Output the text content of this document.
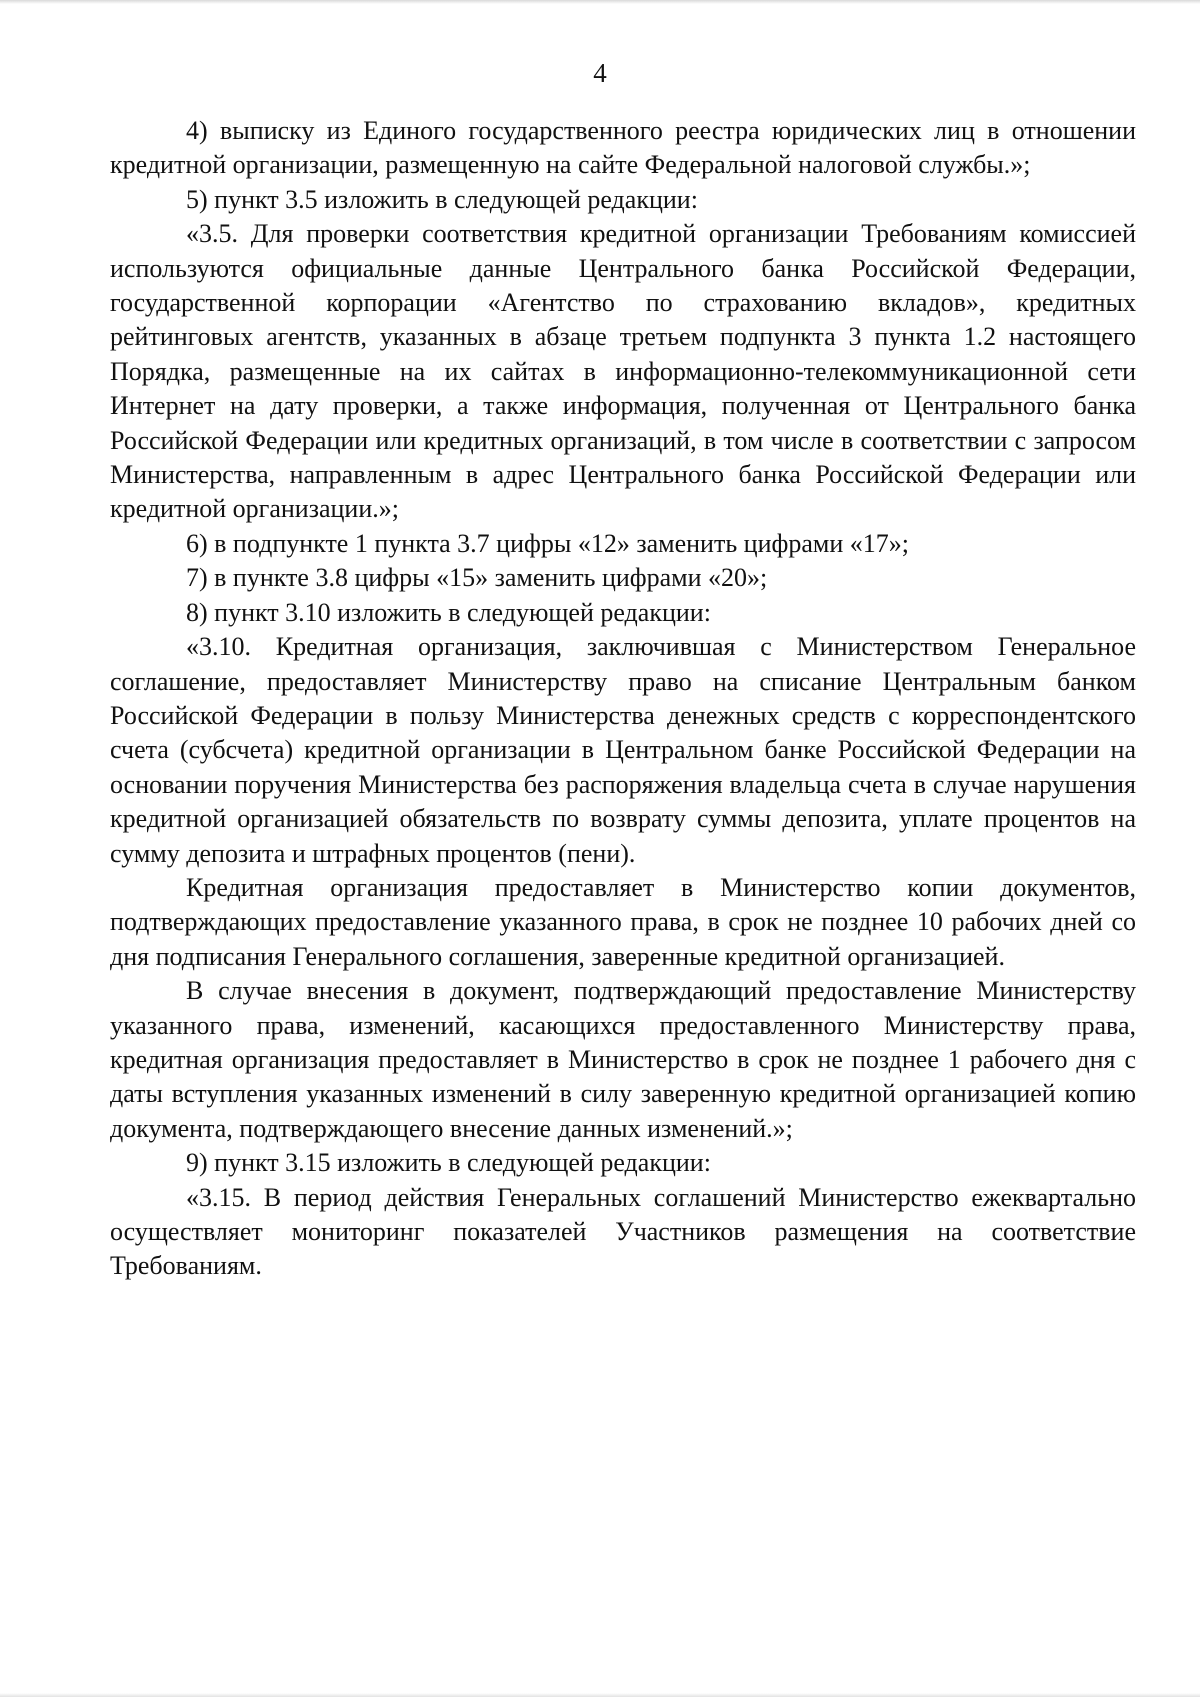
4

4) выписку из Единого государственного реестра юридических лиц в отношении кредитной организации, размещенную на сайте Федеральной налоговой службы.»;

5) пункт 3.5 изложить в следующей редакции:

«3.5. Для проверки соответствия кредитной организации Требованиям комиссией используются официальные данные Центрального банка Российской Федерации, государственной корпорации «Агентство по страхованию вкладов», кредитных рейтинговых агентств, указанных в абзаце третьем подпункта 3 пункта 1.2 настоящего Порядка, размещенные на их сайтах в информационно-телекоммуникационной сети Интернет на дату проверки, а также информация, полученная от Центрального банка Российской Федерации или кредитных организаций, в том числе в соответствии с запросом Министерства, направленным в адрес Центрального банка Российской Федерации или кредитной организации.»;

6) в подпункте 1 пункта 3.7 цифры «12» заменить цифрами «17»;

7) в пункте 3.8 цифры «15» заменить цифрами «20»;

8) пункт 3.10 изложить в следующей редакции:

«3.10. Кредитная организация, заключившая с Министерством Генеральное соглашение, предоставляет Министерству право на списание Центральным банком Российской Федерации в пользу Министерства денежных средств с корреспондентского счета (субсчета) кредитной организации в Центральном банке Российской Федерации на основании поручения Министерства без распоряжения владельца счета в случае нарушения кредитной организацией обязательств по возврату суммы депозита, уплате процентов на сумму депозита и штрафных процентов (пени).

Кредитная организация предоставляет в Министерство копии документов, подтверждающих предоставление указанного права, в срок не позднее 10 рабочих дней со дня подписания Генерального соглашения, заверенные кредитной организацией.

В случае внесения в документ, подтверждающий предоставление Министерству указанного права, изменений, касающихся предоставленного Министерству права, кредитная организация предоставляет в Министерство в срок не позднее 1 рабочего дня с даты вступления указанных изменений в силу заверенную кредитной организацией копию документа, подтверждающего внесение данных изменений.»;

9) пункт 3.15 изложить в следующей редакции:

«3.15. В период действия Генеральных соглашений Министерство ежеквартально осуществляет мониторинг показателей Участников размещения на соответствие Требованиям.
